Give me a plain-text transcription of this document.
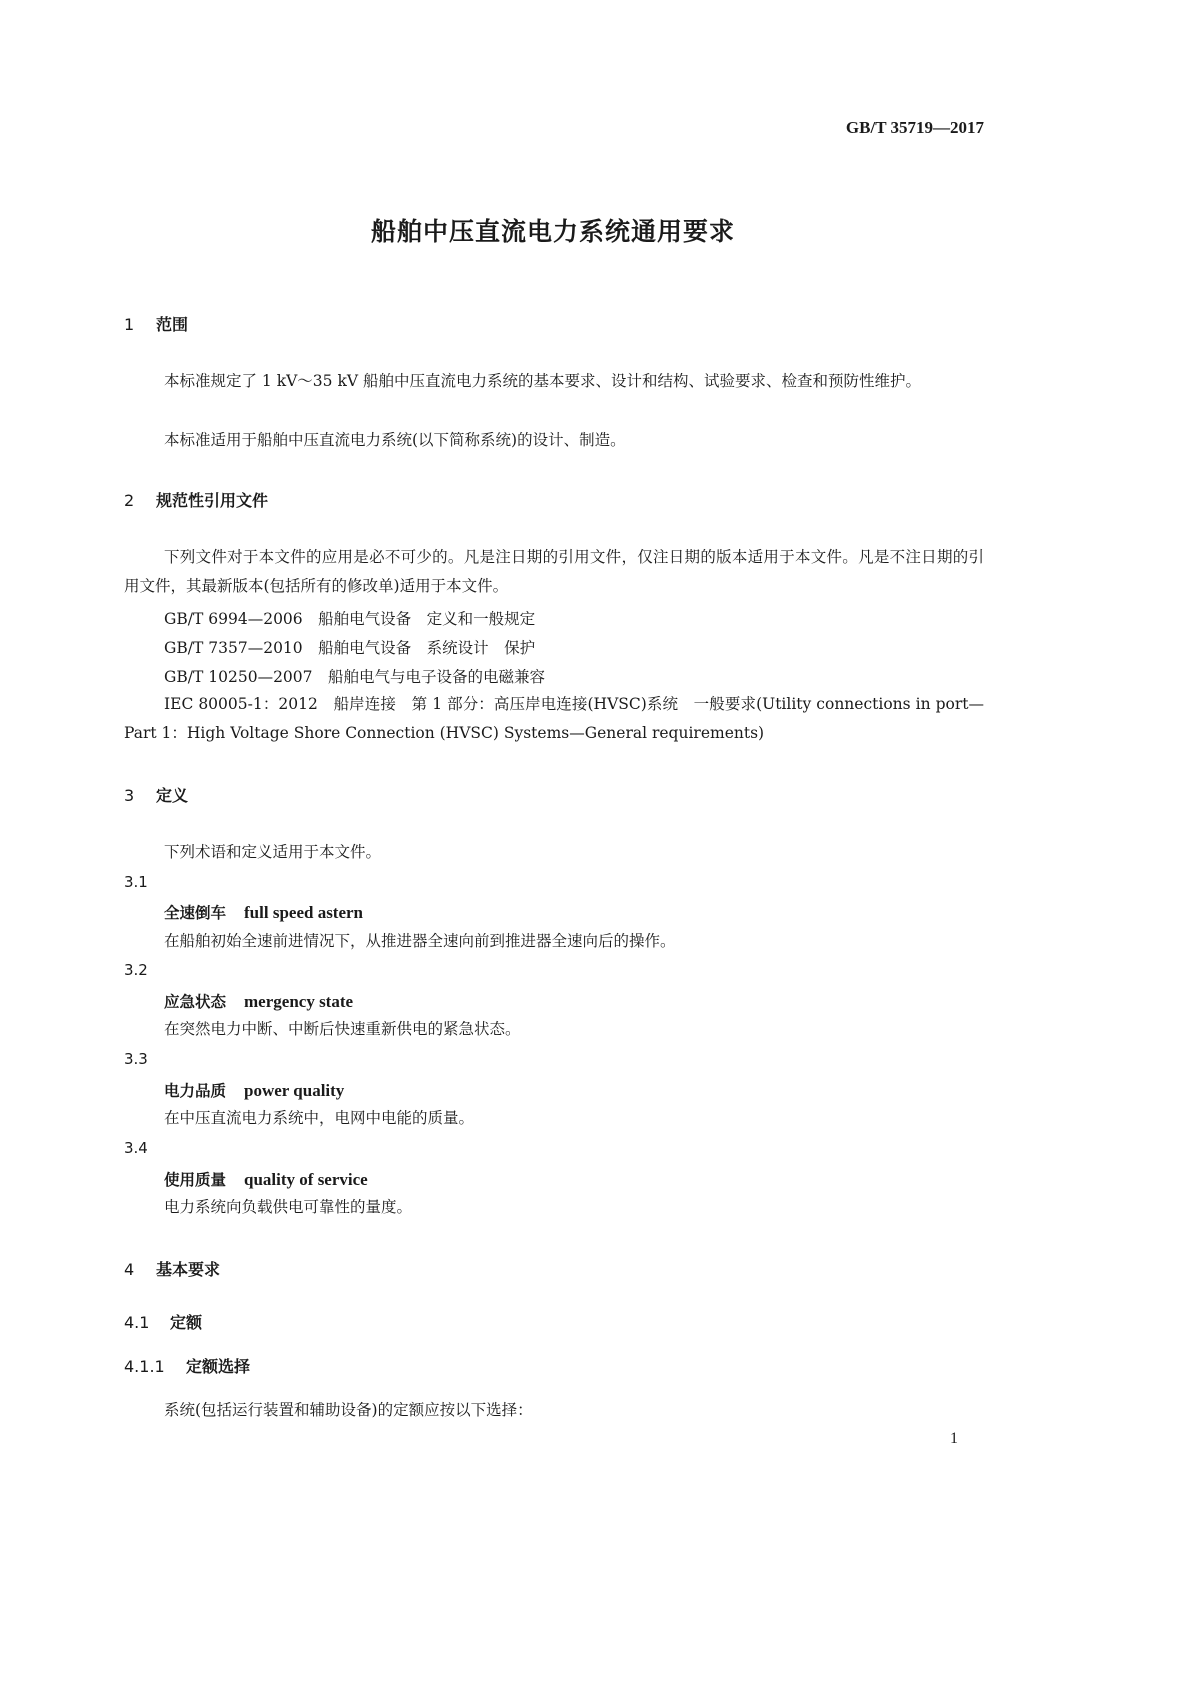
GB/T 35719—2017
船舶中压直流电力系统通用要求
1 范围
本标准规定了 1 kV～35 kV 船舶中压直流电力系统的基本要求、设计和结构、试验要求、检查和预防性维护。
本标准适用于船舶中压直流电力系统(以下简称系统)的设计、制造。
2 规范性引用文件
下列文件对于本文件的应用是必不可少的。凡是注日期的引用文件，仅注日期的版本适用于本文件。凡是不注日期的引用文件，其最新版本(包括所有的修改单)适用于本文件。
GB/T 6994—2006　船舶电气设备　定义和一般规定
GB/T 7357—2010　船舶电气设备　系统设计　保护
GB/T 10250—2007　船舶电气与电子设备的电磁兼容
IEC 80005-1：2012　船岸连接　第 1 部分：高压岸电连接(HVSC)系统　一般要求(Utility connections in port—Part 1：High Voltage Shore Connection (HVSC) Systems—General requirements)
3 定义
下列术语和定义适用于本文件。
3.1
全速倒车 full speed astern
在船舶初始全速前进情况下，从推进器全速向前到推进器全速向后的操作。
3.2
应急状态 mergency state
在突然电力中断、中断后快速重新供电的紧急状态。
3.3
电力品质 power quality
在中压直流电力系统中，电网中电能的质量。
3.4
使用质量 quality of service
电力系统向负载供电可靠性的量度。
4 基本要求
4.1 定额
4.1.1 定额选择
系统(包括运行装置和辅助设备)的定额应按以下选择：
1
